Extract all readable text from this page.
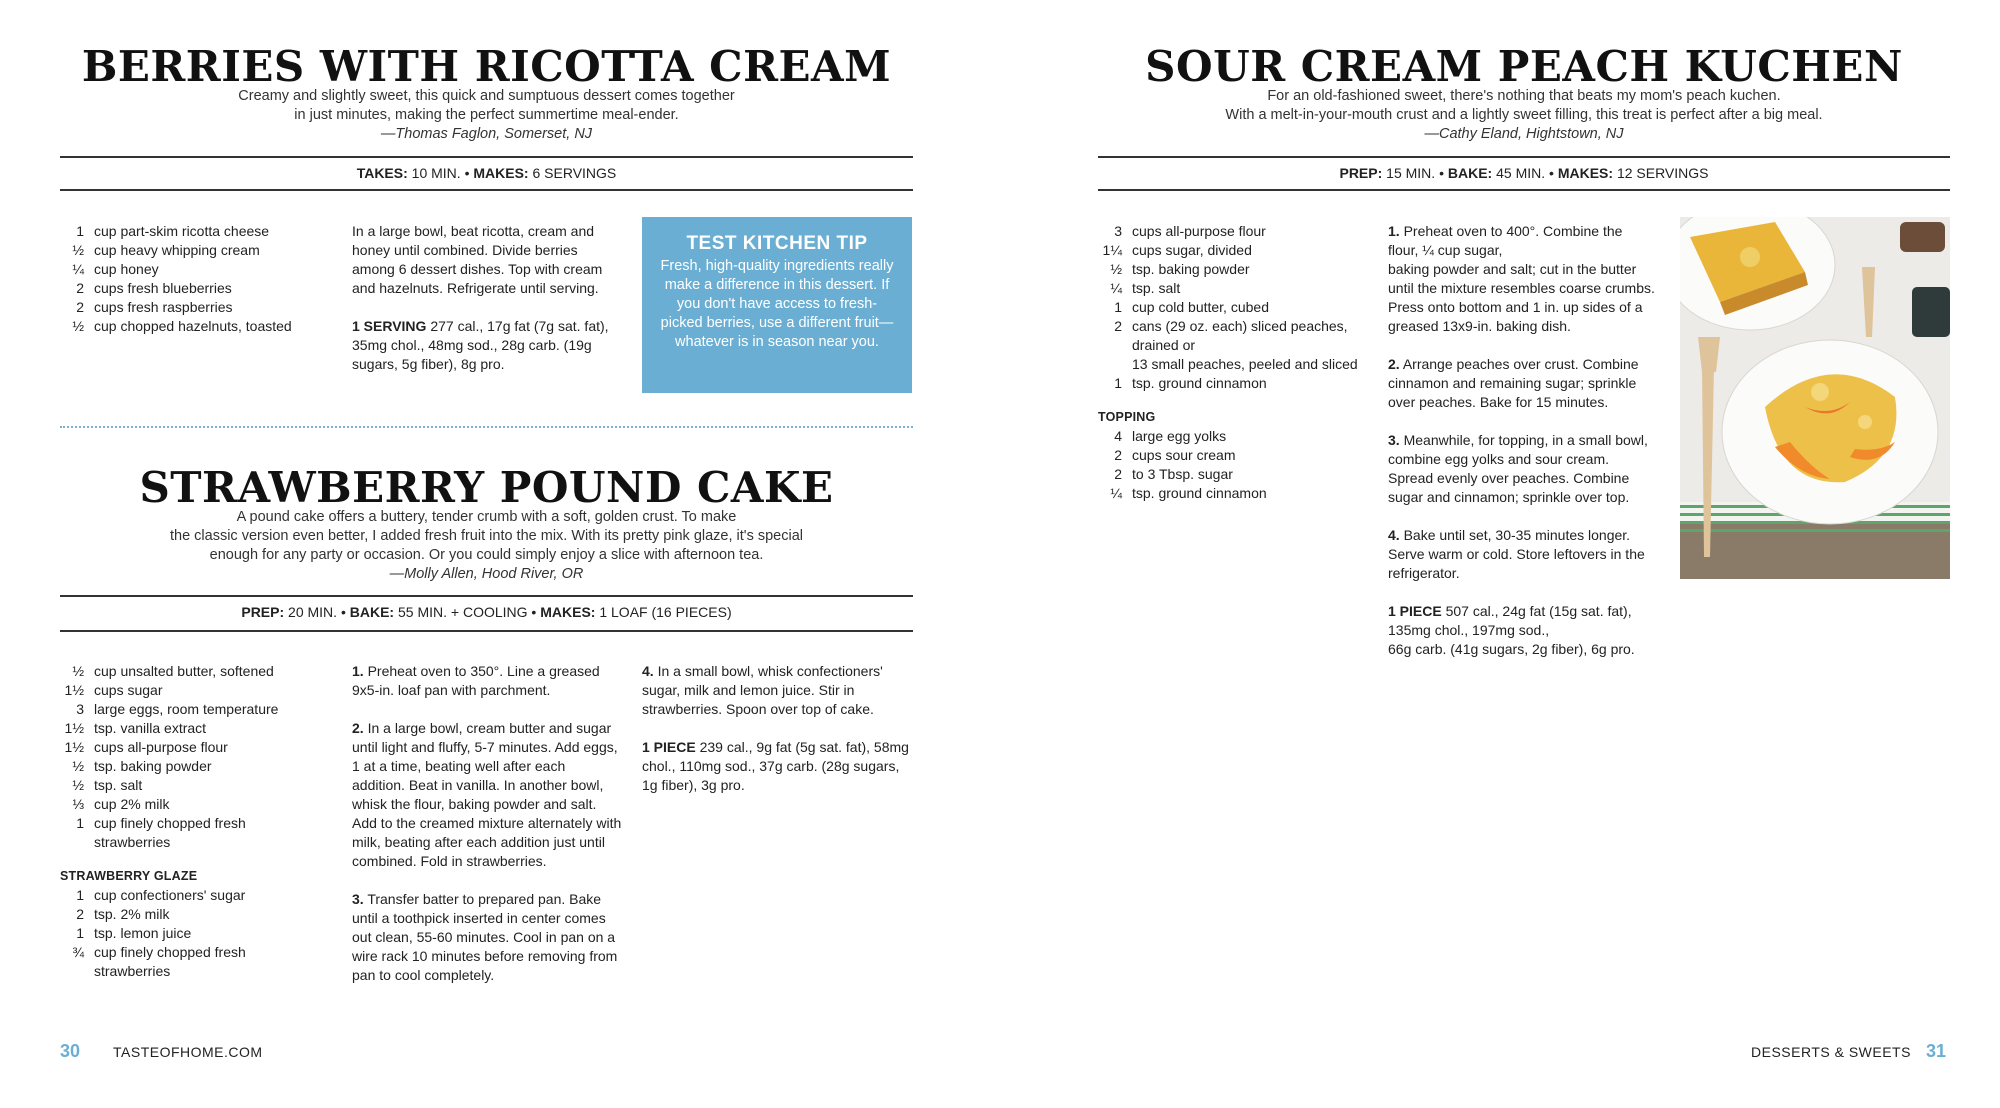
BERRIES WITH RICOTTA CREAM
Creamy and slightly sweet, this quick and sumptuous dessert comes together
in just minutes, making the perfect summertime meal-ender.
—Thomas Faglon, Somerset, NJ
TAKES: 10 MIN. • MAKES: 6 SERVINGS
1 cup part-skim ricotta cheese
½ cup heavy whipping cream
¼ cup honey
2 cups fresh blueberries
2 cups fresh raspberries
½ cup chopped hazelnuts, toasted

In a large bowl, beat ricotta, cream and honey until combined. Divide berries among 6 dessert dishes. Top with cream and hazelnuts. Refrigerate until serving.

1 SERVING 277 cal., 17g fat (7g sat. fat), 35mg chol., 48mg sod., 28g carb. (19g sugars, 5g fiber), 8g pro.

TEST KITCHEN TIP

Fresh, high-quality ingredients really make a difference in this dessert. If you don't have access to fresh-picked berries, use a different fruit—whatever is in season near you.

STRAWBERRY POUND CAKE
A pound cake offers a buttery, tender crumb with a soft, golden crust. To make
the classic version even better, I added fresh fruit into the mix. With its pretty pink glaze, it's special
enough for any party or occasion. Or you could simply enjoy a slice with afternoon tea.
—Molly Allen, Hood River, OR
PREP: 20 MIN. • BAKE: 55 MIN. + COOLING • MAKES: 1 LOAF (16 PIECES)
½ cup unsalted butter, softened
1½ cups sugar
3 large eggs, room temperature
1½ tsp. vanilla extract
1½ cups all-purpose flour
½ tsp. baking powder
½ tsp. salt
⅓ cup 2% milk
1 cup finely chopped fresh strawberries
STRAWBERRY GLAZE
1 cup confectioners' sugar
2 tsp. 2% milk
1 tsp. lemon juice
¾ cup finely chopped fresh strawberries

1. Preheat oven to 350°. Line a greased 9x5-in. loaf pan with parchment.

2. In a large bowl, cream butter and sugar until light and fluffy, 5-7 minutes. Add eggs, 1 at a time, beating well after each addition. Beat in vanilla. In another bowl, whisk the flour, baking powder and salt. Add to the creamed mixture alternately with milk, beating after each addition just until combined. Fold in strawberries.

3. Transfer batter to prepared pan. Bake until a toothpick inserted in center comes out clean, 55-60 minutes. Cool in pan on a wire rack 10 minutes before removing from pan to cool completely.

4. In a small bowl, whisk confectioners' sugar, milk and lemon juice. Stir in strawberries. Spoon over top of cake.

1 PIECE 239 cal., 9g fat (5g sat. fat), 58mg chol., 110mg sod., 37g carb. (28g sugars, 1g fiber), 3g pro.

30 TASTEOFHOME.COM
SOUR CREAM PEACH KUCHEN
For an old-fashioned sweet, there's nothing that beats my mom's peach kuchen.
With a melt-in-your-mouth crust and a lightly sweet filling, this treat is perfect after a big meal.
—Cathy Eland, Hightstown, NJ
PREP: 15 MIN. • BAKE: 45 MIN. • MAKES: 12 SERVINGS
3 cups all-purpose flour
1¼ cups sugar, divided
½ tsp. baking powder
¼ tsp. salt
1 cup cold butter, cubed
2 cans (29 oz. each) sliced peaches, drained or
13 small peaches, peeled and sliced
1 tsp. ground cinnamon
TOPPING
4 large egg yolks
2 cups sour cream
2 to 3 Tbsp. sugar
¼ tsp. ground cinnamon

1. Preheat oven to 400°. Combine the
flour, ¼ cup sugar,
baking powder and salt; cut in the butter until the mixture resembles coarse crumbs. Press onto bottom and 1 in. up sides of a greased 13x9-in. baking dish.

2. Arrange peaches over crust. Combine cinnamon and remaining sugar; sprinkle over peaches. Bake for 15 minutes.

3. Meanwhile, for topping, in a small bowl, combine egg yolks and sour cream. Spread evenly over peaches. Combine sugar and cinnamon; sprinkle over top.

4. Bake until set, 30-35 minutes longer. Serve warm or cold. Store leftovers in the refrigerator.

1 PIECE 507 cal., 24g fat (15g sat. fat),
135mg chol., 197mg sod.,
66g carb. (41g sugars, 2g fiber), 6g pro.

DESSERTS & SWEETS 31
